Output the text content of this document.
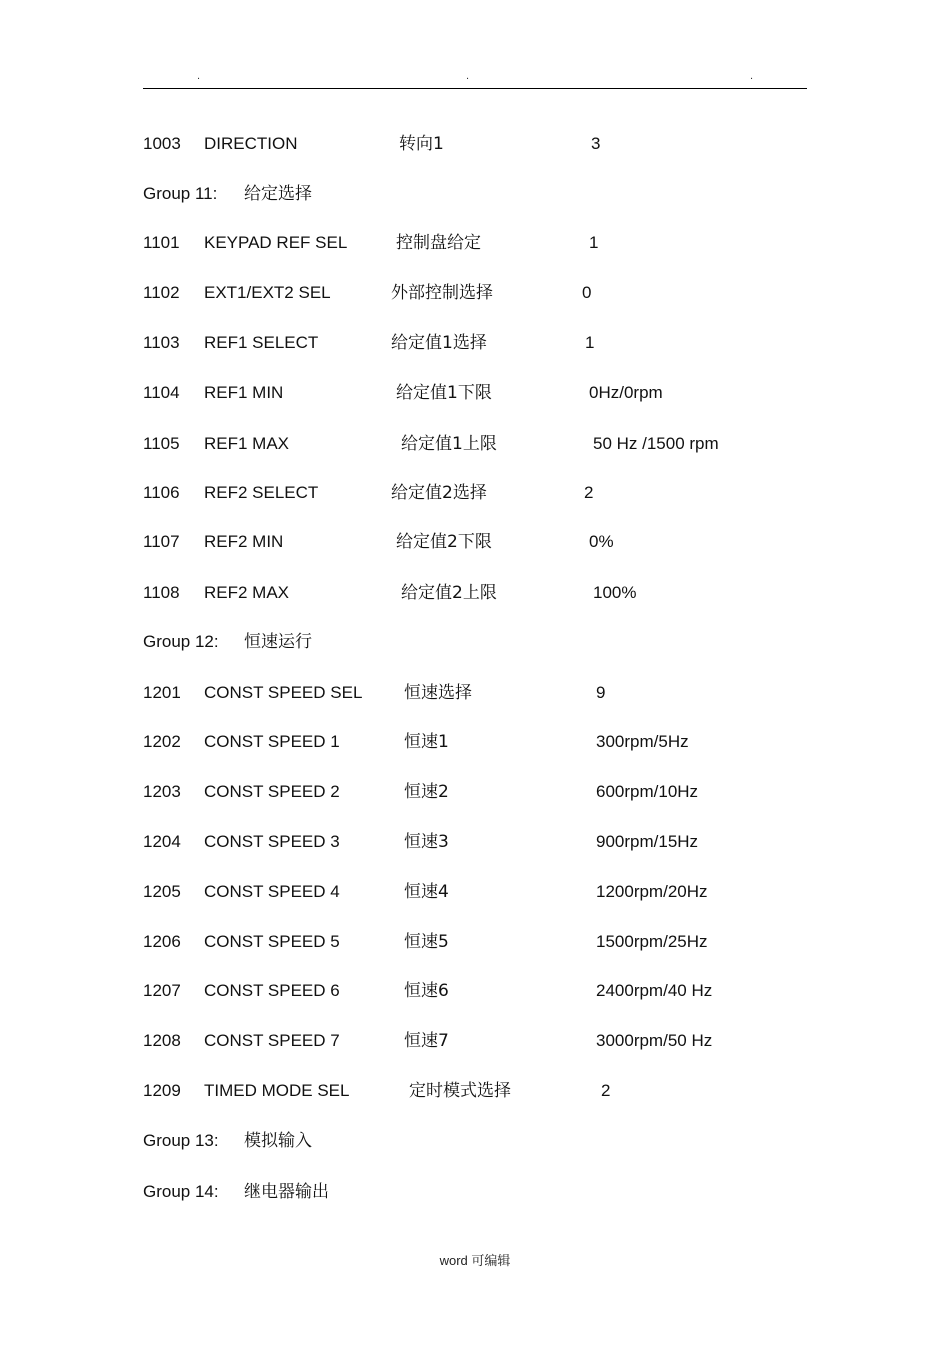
.	.	.
1003 DIRECTION	转向1	3
Group 11: 给定选择
1101 KEYPAD REF SEL	控制盘给定	1
1102 EXT1/EXT2 SEL	外部控制选择	0
1103 REF1 SELECT	给定值1选择	1
1104 REF1 MIN	给定值1下限	0Hz/0rpm
1105 REF1 MAX	给定值1上限	50 Hz /1500 rpm
1106 REF2 SELECT	给定值2选择	2
1107 REF2 MIN	给定值2下限	0%
1108 REF2 MAX	给定值2上限	100%
Group 12: 恒速运行
1201 CONST SPEED SEL 恒速选择	9
1202 CONST SPEED 1	恒速1	300rpm/5Hz
1203 CONST SPEED 2	恒速2	600rpm/10Hz
1204 CONST SPEED 3	恒速3	900rpm/15Hz
1205 CONST SPEED 4	恒速4	1200rpm/20Hz
1206 CONST SPEED 5	恒速5	1500rpm/25Hz
1207 CONST SPEED 6	恒速6	2400rpm/40 Hz
1208 CONST SPEED 7	恒速7	3000rpm/50 Hz
1209 TIMED MODE SEL	定时模式选择	2
Group 13: 模拟输入
Group 14: 继电器输出
word 可编辑
